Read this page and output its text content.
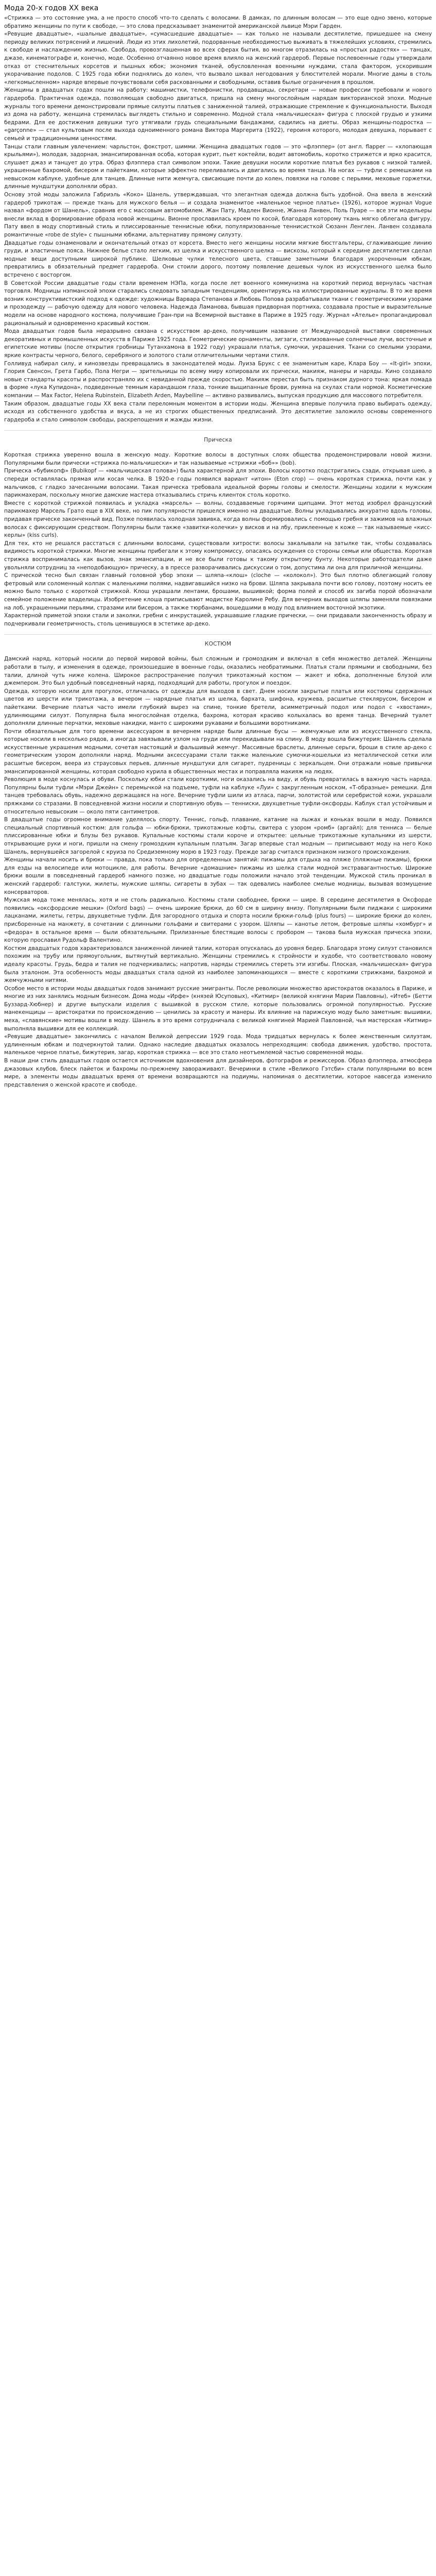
Мода 20-х годов XX века

«Стрижка — это состояние ума, а не просто способ что-то сделать с волосами. В дамках, по длинным волосам — это еще одно звено, которые обратимо женщины по пути к свободе, — это слова предсказывает знаменитой американской львице Мэри Гарден.

«Ревущие двадцатые», «шальные двадцатые», «сумасшедшие двадцатые» — как только не называли десятилетие, пришедшее на смену периоду великих потрясений и лишений. Люди из этих лихолетий, подорванные необходимостью выживать в тяжелейших условиях, стремились к свободе и наслаждению жизнью. Свобода, провозглашенная во всех сферах бытия, во многом отразилась на «простых радостях» — танцах, джазе, кинематографе и, конечно, моде. Особенно отчаянно новое время влияло на женский гардероб. Первые послевоенные годы утверждали отказ от стеснительных корсетов и пышных юбок; экономия тканей, обусловленная военными нуждами, стала фактором, ускорившим укорачивание подолов. С 1925 года юбки поднялись до колен, что вызвало шквал негодования у блюстителей морали. Многие дамы в столь «легкомысленном» наряде впервые почувствовали себя раскованными и свободными, оставив былые ограничения в прошлом.

Женщины в двадцатых годах пошли на работу: машинистки, телефонистки, продавщицы, секретари — новые профессии требовали и нового гардероба. Практичная одежда, позволяющая свободно двигаться, пришла на смену многослойным нарядам викторианской эпохи. Модные журналы того времени демонстрировали прямые силуэты платьев с заниженной талией, отражающие стремление к функциональности. Выходя из дома на работу, женщина стремилась выглядеть стильно и современно. Модной стала «мальчишеская» фигура с плоской грудью и узкими бедрами. Для ее достижения девушки туго утягивали грудь специальными бандажами, садились на диеты. Образ женщины-подростка — «garçonne» — стал культовым после выхода одноименного романа Виктора Маргерита (1922), героиня которого, молодая девушка, порывает с семьей и традиционными ценностями.

Танцы стали главным увлечением: чарльстон, фокстрот, шимми. Женщина двадцатых годов — это «флэппер» (от англ. flapper — «хлопающая крыльями»), молодая, задорная, эмансипированная особа, которая курит, пьет коктейли, водит автомобиль, коротко стрижется и ярко красится, слушает джаз и танцует до утра. Образ флэппера стал символом эпохи. Такие девушки носили короткие платья без рукавов с низкой талией, украшенные бахромой, бисером и пайетками, которые эффектно переливались и двигались во время танца. На ногах — туфли с ремешками на невысоком каблуке, удобные для танцев. Длинные нити жемчуга, свисающие почти до колен, повязки на голове с перьями, меховые горжетки, длинные мундштуки дополняли образ.

Основу этой моды заложила Габриэль «Коко» Шанель, утверждавшая, что элегантная одежда должна быть удобной. Она ввела в женский гардероб трикотаж — прежде ткань для мужского белья — и создала знаменитое «маленькое черное платье» (1926), которое журнал Vogue назвал «фордом от Шанель», сравнив его с массовым автомобилем. Жан Пату, Мадлен Вионне, Жанна Ланвен, Поль Пуаре — все эти модельеры внесли вклад в формирование образа новой женщины. Вионне прославилась кроем по косой, благодаря которому ткань мягко облегала фигуру. Пату ввел в моду спортивный стиль и плиссированные теннисные юбки, популяризованные теннисисткой Сюзанн Ленглен. Ланвен создавала романтичные «robe de style» с пышными юбками, альтернативу прямому силуэту.

Двадцатые годы ознаменовали и окончательный отказ от корсета. Вместо него женщины носили мягкие бюстгальтеры, сглаживающие линию груди, и эластичные пояса. Нижнее белье стало легким, из шелка и искусственного шелка — вискозы, который к середине десятилетия сделал модные вещи доступными широкой публике. Шелковые чулки телесного цвета, ставшие заметными благодаря укороченным юбкам, превратились в обязательный предмет гардероба. Они стоили дорого, поэтому появление дешевых чулок из искусственного шелка было встречено с восторгом.

В Советской России двадцатые годы стали временем НЭПа, когда после лет военного коммунизма на короткий период вернулась частная торговля. Модницы нэпманской эпохи старались следовать западным тенденциям, ориентируясь на иллюстрированные журналы. В то же время возник конструктивистский подход к одежде: художницы Варвара Степанова и Любовь Попова разрабатывали ткани с геометрическими узорами и прозодежду — рабочую одежду для нового человека. Надежда Ламанова, бывшая придворная портниха, создавала простые и выразительные модели на основе народного костюма, получившие Гран-при на Всемирной выставке в Париже в 1925 году. Журнал «Ателье» пропагандировал рациональный и одновременно красивый костюм.

Мода двадцатых годов была неразрывно связана с искусством ар-деко, получившим название от Международной выставки современных декоративных и промышленных искусств в Париже 1925 года. Геометрические орнаменты, зигзаги, стилизованные солнечные лучи, восточные и египетские мотивы (после открытия гробницы Тутанхамона в 1922 году) украшали платья, сумочки, украшения. Ткани со смелыми узорами, яркие контрасты черного, белого, серебряного и золотого стали отличительными чертами стиля.

Голливуд набирал силу, и кинозвезды превращались в законодателей моды. Луиза Брукс с ее знаменитым каре, Клара Боу — «It-girl» эпохи, Глория Свенсон, Грета Гарбо, Пола Негри — зрительницы по всему миру копировали их прически, макияж, манеры и наряды. Кино создавало новые стандарты красоты и распространяло их с невиданной прежде скоростью. Макияж перестал быть признаком дурного тона: яркая помада в форме «лука Купидона», подведенные темным карандашом глаза, тонкие выщипанные брови, румяна на скулах стали нормой. Косметические компании — Max Factor, Helena Rubinstein, Elizabeth Arden, Maybelline — активно развивались, выпуская продукцию для массового потребителя.

Таким образом, двадцатые годы XX века стали переломным моментом в истории моды. Женщина впервые получила право выбирать одежду, исходя из собственного удобства и вкуса, а не из строгих общественных предписаний. Это десятилетие заложило основы современного гардероба и стало символом свободы, раскрепощения и жажды жизни.

Прическа

Короткая стрижка уверенно вошла в женскую моду. Короткие волосы в доступных слоях общества продемонстрировали новой жизни. Популярными были прически «стрижка по-мальчишески» и так называемые «стрижки «боб»» (bob).

Прическа «бубикопф» (Bubikopf — «мальчишеская голова») была характерной для эпохи. Волосы коротко подстригались сзади, открывая шею, а спереди оставлялась прямая или косая челка. В 1920-е годы появился вариант «итон» (Eton crop) — очень короткая стрижка, почти как у мальчиков, с гладко зачесанными волосами. Такая прическа требовала идеальной формы головы и смелости. Женщины ходили к мужским парикмахерам, поскольку многие дамские мастера отказывались стричь клиенток столь коротко.

Вместе с короткой стрижкой появилась и укладка «марсель» — волны, создаваемые горячими щипцами. Этот метод изобрел французский парикмахер Марсель Грато еще в XIX веке, но пик популярности пришелся именно на двадцатые. Волны укладывались аккуратно вдоль головы, придавая прическе законченный вид. Позже появилась холодная завивка, когда волны формировались с помощью гребня и зажимов на влажных волосах с фиксирующим средством. Популярны были также «завитки-колечки» у висков и на лбу, приклеенные к коже — так называемые «кисс-керлы» (kiss curls).

Для тех, кто не решался расстаться с длинными волосами, существовали хитрости: волосы закалывали на затылке так, чтобы создавалась видимость короткой стрижки. Многие женщины прибегали к этому компромиссу, опасаясь осуждения со стороны семьи или общества. Короткая стрижка воспринималась как вызов, знак эмансипации, и не все были готовы к такому открытому бунту. Некоторые работодатели даже увольняли сотрудниц за «неподобающую» прическу, а в прессе разворачивались дискуссии о том, допустима ли она для приличной женщины.

С прической тесно был связан главный головной убор эпохи — шляпа-«клош» (cloche — «колокол»). Это был плотно облегающий голову фетровый или соломенный колпак с маленькими полями, надвигавшийся низко на брови. Шляпа закрывала почти всю голову, поэтому носить ее можно было только с короткой стрижкой. Клош украшали лентами, брошами, вышивкой; форма полей и способ их загиба порой обозначали семейное положение владелицы. Изобретение клоша приписывают модистке Каролине Ребу. Для вечерних выходов шляпы заменяли повязками на лоб, украшенными перьями, стразами или бисером, а также тюрбанами, вошедшими в моду под влиянием восточной экзотики.

Характерной приметой эпохи стали и заколки, гребни с инкрустацией, украшавшие гладкие прически, — они придавали законченность образу и подчеркивали геометричность, столь ценившуюся в эстетике ар-деко.

КОСТЮМ

Дамский наряд, который носили до первой мировой войны, был сложным и громоздким и включал в себя множество деталей. Женщины работали в тылу, и изменения в одежде, произошедшие в военные годы, оказались необратимыми. Платья стали прямыми и свободными, без талии, длиной чуть ниже колена. Широкое распространение получил трикотажный костюм — жакет и юбка, дополненные блузой или джемпером. Это был удобный повседневный наряд, подходящий для работы, прогулок и поездок.

Одежда, которую носили для прогулок, отличалась от одежды для выходов в свет. Днем носили закрытые платья или костюмы сдержанных цветов из шерсти или трикотажа, а вечером — нарядные платья из шелка, бархата, шифона, кружева, расшитые стеклярусом, бисером и пайетками. Вечерние платья часто имели глубокий вырез на спине, тонкие бретели, асимметричный подол или подол с «хвостами», удлиняющими силуэт. Популярна была многослойная отделка, бахрома, которая красиво колыхалась во время танца. Вечерний туалет дополняли длинные перчатки, меховые накидки, манто с широкими рукавами и большими воротниками.

Почти обязательным для того времени аксессуаром в вечернем наряде были длинные бусы — жемчужные или из искусственного стекла, которые носили в несколько рядов, а иногда завязывали узлом на груди или перекидывали на спину. В моду вошла бижутерия: Шанель сделала искусственные украшения модными, сочетая настоящий и фальшивый жемчуг. Массивные браслеты, длинные серьги, броши в стиле ар-деко с геометрическим узором дополняли наряд. Модными аксессуарами стали также маленькие сумочки-кошельки из металлической сетки или расшитые бисером, веера из страусовых перьев, длинные мундштуки для сигарет, пудреницы с зеркальцем. Они отражали новые привычки эмансипированной женщины, которая свободно курила в общественных местах и поправляла макияж на людях.

Революция в моде коснулась и обуви. Поскольку юбки стали короткими, ноги оказались на виду, и обувь превратилась в важную часть наряда. Популярны были туфли «Мэри Джейн» с перемычкой на подъеме, туфли на каблуке «Луи» с закругленным носком, «Т-образные» ремешки. Для танцев требовалась обувь, надежно держащаяся на ноге. Вечерние туфли шили из атласа, парчи, золотистой или серебристой кожи, украшали пряжками со стразами. В повседневной жизни носили и спортивную обувь — тенниски, двухцветные туфли-оксфорды. Каблук стал устойчивым и относительно невысоким — около пяти сантиметров.

В двадцатые годы огромное внимание уделялось спорту. Теннис, гольф, плавание, катание на лыжах и коньках вошли в моду. Появился специальный спортивный костюм: для гольфа — юбки-брюки, трикотажные кофты, свитера с узором «ромб» (аргайл); для тенниса — белые плиссированные юбки и блузы без рукавов. Купальные костюмы стали короче и открытее: цельные трикотажные купальники из шерсти, открывающие руки и ноги, пришли на смену громоздким купальным платьям. Загар впервые стал модным — приписывают моду на него Коко Шанель, вернувшейся загорелой с круиза по Средиземному морю в 1923 году. Прежде загар считался признаком низкого происхождения.

Женщины начали носить и брюки — правда, пока только для определенных занятий: пижамы для отдыха на пляже (пляжные пижамы), брюки для езды на велосипеде или мотоцикле, для работы. Вечерние «домашние» пижамы из шелка стали модной экстравагантностью. Широкие брюки вошли в повседневный гардероб намного позже, но двадцатые годы положили начало этой тенденции. Мужской стиль проникал в женский гардероб: галстуки, жилеты, мужские шляпы, сигареты в зубах — так одевались наиболее смелые модницы, вызывая возмущение консерваторов.

Мужская мода тоже менялась, хотя и не столь радикально. Костюмы стали свободнее, брюки — шире. В середине десятилетия в Оксфорде появились «оксфордские мешки» (Oxford bags) — очень широкие брюки, до 60 см в ширину внизу. Популярными были пиджаки с широкими лацканами, жилеты, гетры, двухцветные туфли. Для загородного отдыха и спорта носили брюки-гольф (plus fours) — широкие брюки до колен, присборенные на манжету, в сочетании с длинными гольфами и свитерами с узором. Шляпы — канотье летом, фетровые шляпы «хомбург» и «федора» в остальное время — были обязательными. Прилизанные блестящие волосы с пробором — такова была мужская прическа эпохи, которую прославил Рудольф Валентино.

Костюм двадцатых годов характеризовался заниженной линией талии, которая опускалась до уровня бедер. Благодаря этому силуэт становился похожим на трубу или прямоугольник, вытянутый вертикально. Женщины стремились к стройности и худобе, что соответствовало новому идеалу красоты. Грудь, бедра и талия не подчеркивались; напротив, наряды стремились стереть эти изгибы. Плоская, «мальчишеская» фигура была эталоном. Эта особенность моды двадцатых стала одной из наиболее запоминающихся — вместе с короткими стрижками, бахромой и жемчужными нитями.

Особое место в истории моды двадцатых годов занимают русские эмигранты. После революции множество аристократов оказалось в Париже, и многие из них занялись модным бизнесом. Дома моды «Ирфе» (князей Юсуповых), «Китмир» (великой княгини Марии Павловны), «Итеб» (Бетти Буззард-Хюбнер) и другие выпускали изделия с вышивкой в русском стиле, которые пользовались огромной популярностью. Русские манекенщицы — аристократки по происхождению — ценились за красоту и манеры. Их влияние на парижскую моду было заметным: вышивки, меха, «славянские» мотивы вошли в моду. Шанель в это время сотрудничала с великой княгиней Марией Павловной, чья мастерская «Китмир» выполняла вышивки для ее коллекций.

«Ревущие двадцатые» закончились с началом Великой депрессии 1929 года. Мода тридцатых вернулась к более женственным силуэтам, удлиненным юбкам и подчеркнутой талии. Однако наследие двадцатых оказалось непреходящим: свобода движения, удобство, простота, маленькое черное платье, бижутерия, загар, короткая стрижка — все это стало неотъемлемой частью современной моды.

В наши дни стиль двадцатых годов остается источником вдохновения для дизайнеров, фотографов и режиссеров. Образ флэппера, атмосфера джазовых клубов, блеск пайеток и бахромы по-прежнему завораживают. Вечеринки в стиле «Великого Гэтсби» стали популярными во всем мире, а элементы моды двадцатых время от времени возвращаются на подиумы, напоминая о десятилетии, которое навсегда изменило представления о женской красоте и свободе.
